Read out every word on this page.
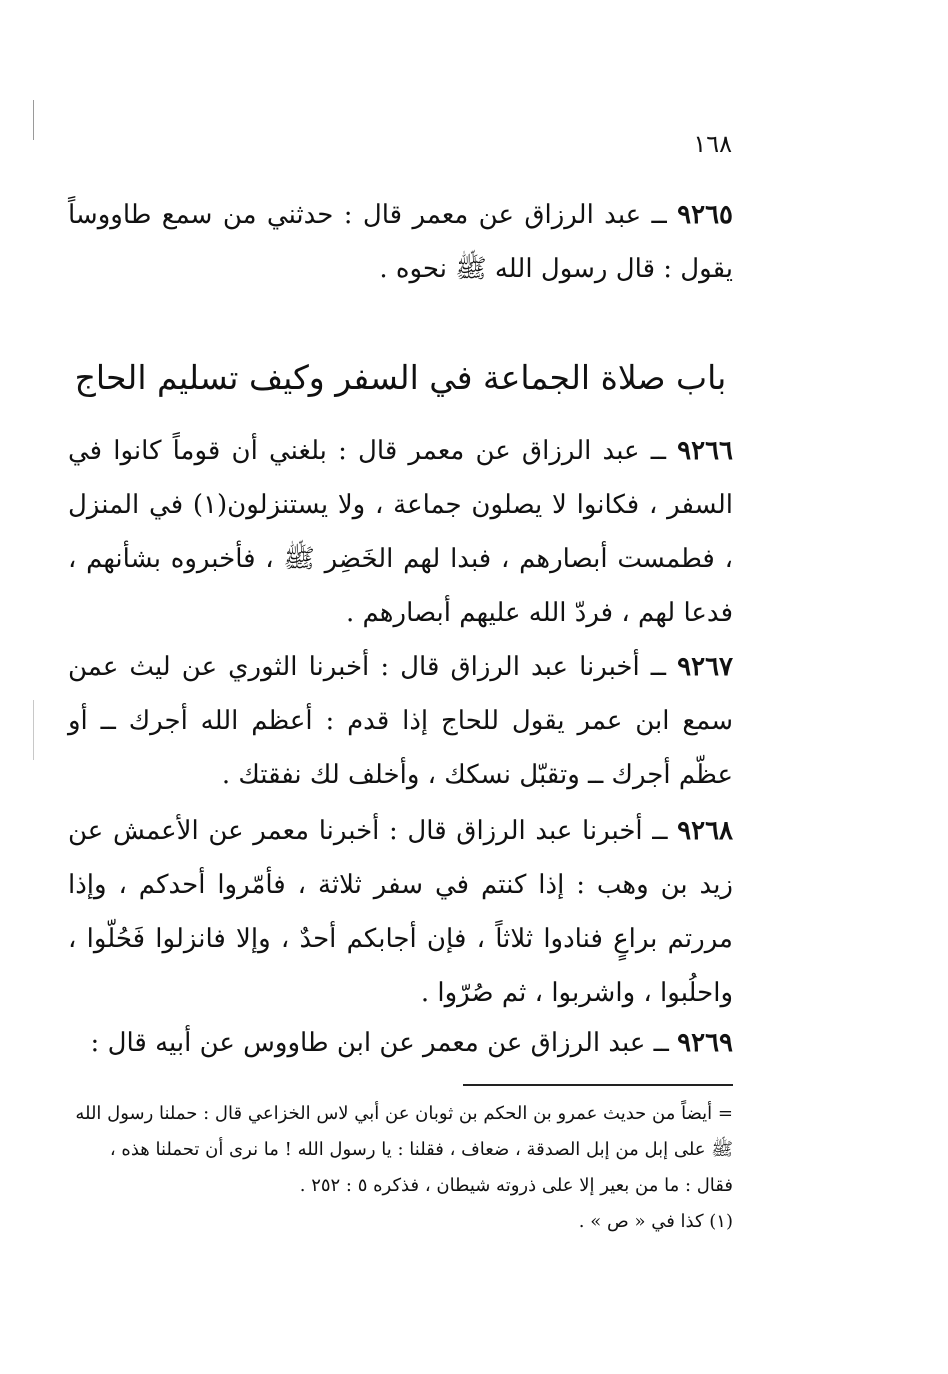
١٦٨
٩٢٦٥ ــ عبد الرزاق عن معمر قال : حدثني من سمع طاووساً يقول : قال رسول الله ﷺ نحوه .
باب صلاة الجماعة في السفر وكيف تسليم الحاج
٩٢٦٦ ــ عبد الرزاق عن معمر قال : بلغني أن قوماً كانوا في السفر ، فكانوا لا يصلون جماعة ، ولا يستنزلون(١) في المنزل ، فطمست أبصارهم ، فبدا لهم الخَضِر ﷺ ، فأخبروه بشأنهم ، فدعا لهم ، فردّ الله عليهم أبصارهم .
٩٢٦٧ ــ أخبرنا عبد الرزاق قال : أخبرنا الثوري عن ليث عمن سمع ابن عمر يقول للحاج إذا قدم : أعظم الله أجرك ــ أو عظّم أجرك ــ وتقبّل نسكك ، وأخلف لك نفقتك .
٩٢٦٨ ــ أخبرنا عبد الرزاق قال : أخبرنا معمر عن الأعمش عن زيد بن وهب : إذا كنتم في سفر ثلاثة ، فأمّروا أحدكم ، وإذا مررتم براعٍ فنادوا ثلاثاً ، فإن أجابكم أحدٌ ، وإلا فانزلوا فَحُلّوا ، واحلُبوا ، واشربوا ، ثم صُرّوا .
٩٢٦٩ ــ عبد الرزاق عن معمر عن ابن طاووس عن أبيه قال :
= أيضاً من حديث عمرو بن الحكم بن ثوبان عن أبي لاس الخزاعي قال : حملنا رسول الله
ﷺ على إبل من إبل الصدقة ، ضعاف ، فقلنا : يا رسول الله ! ما نرى أن تحملنا هذه ،
فقال : ما من بعير إلا على ذروته شيطان ، فذكره ٥ : ٢٥٢ .
(١) كذا في « ص » .
